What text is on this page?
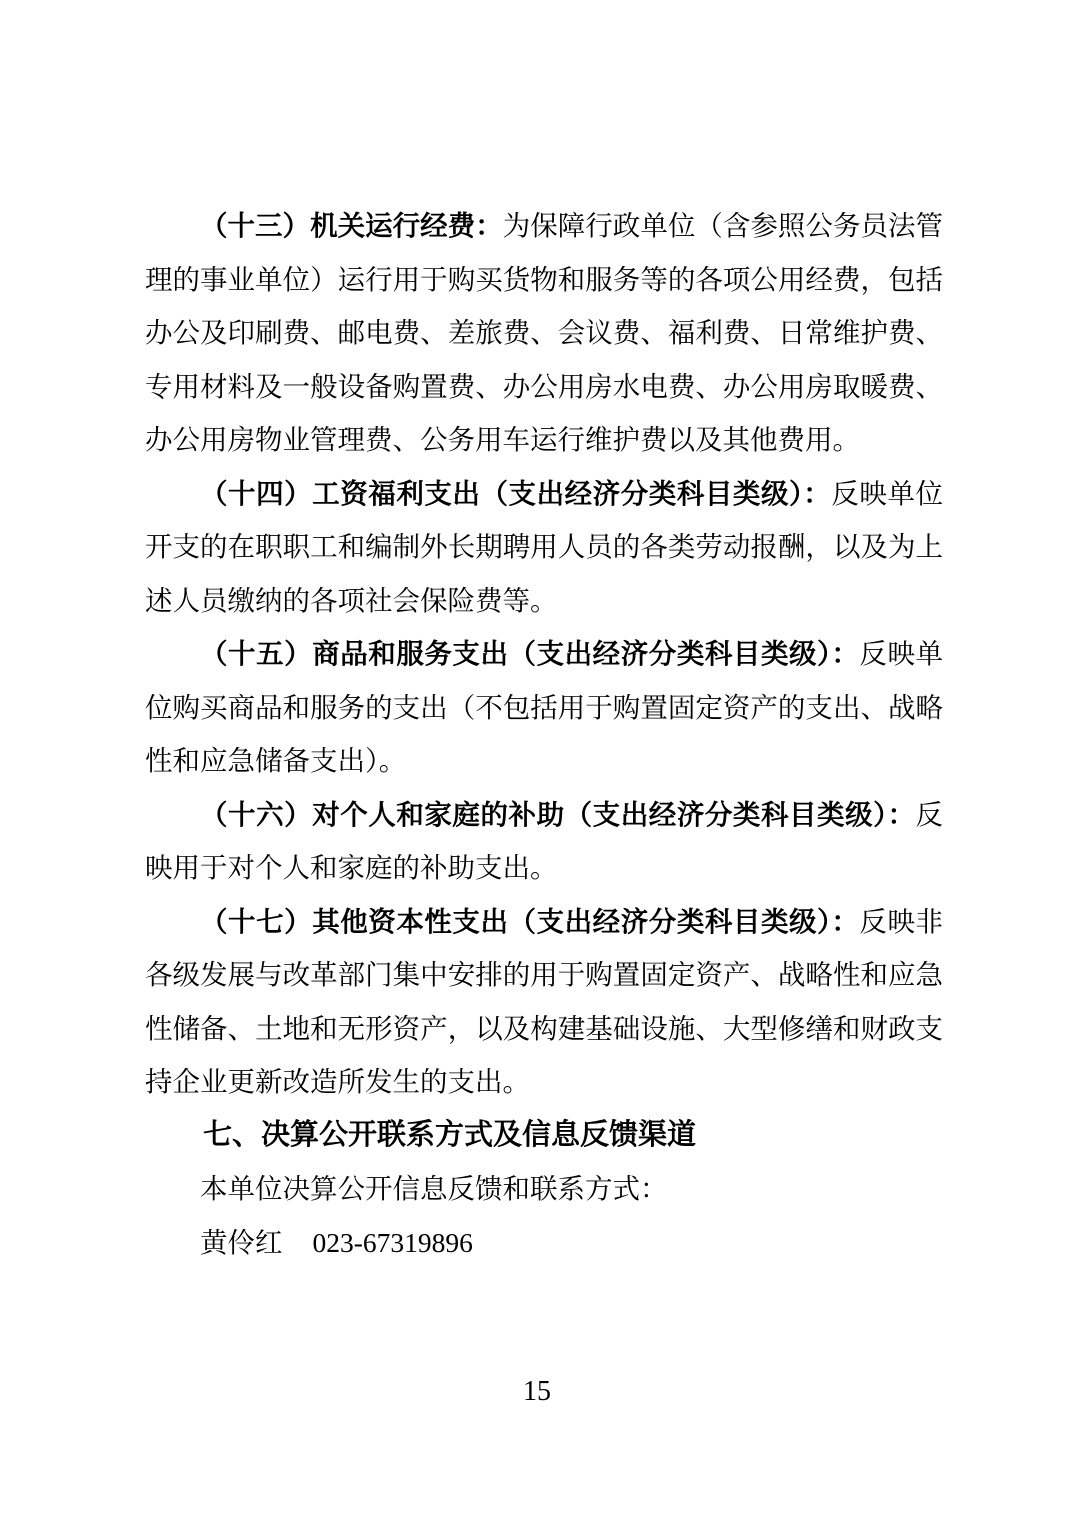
（十三）机关运行经费：为保障行政单位（含参照公务员法管理的事业单位）运行用于购买货物和服务等的各项公用经费，包括办公及印刷费、邮电费、差旅费、会议费、福利费、日常维护费、专用材料及一般设备购置费、办公用房水电费、办公用房取暖费、办公用房物业管理费、公务用车运行维护费以及其他费用。

（十四）工资福利支出（支出经济分类科目类级）：反映单位开支的在职职工和编制外长期聘用人员的各类劳动报酬，以及为上述人员缴纳的各项社会保险费等。

（十五）商品和服务支出（支出经济分类科目类级）：反映单位购买商品和服务的支出（不包括用于购置固定资产的支出、战略性和应急储备支出）。

（十六）对个人和家庭的补助（支出经济分类科目类级）：反映用于对个人和家庭的补助支出。

（十七）其他资本性支出（支出经济分类科目类级）：反映非各级发展与改革部门集中安排的用于购置固定资产、战略性和应急性储备、土地和无形资产，以及构建基础设施、大型修缮和财政支持企业更新改造所发生的支出。

七、决算公开联系方式及信息反馈渠道

本单位决算公开信息反馈和联系方式：

黄伶红 023-67319896

15
